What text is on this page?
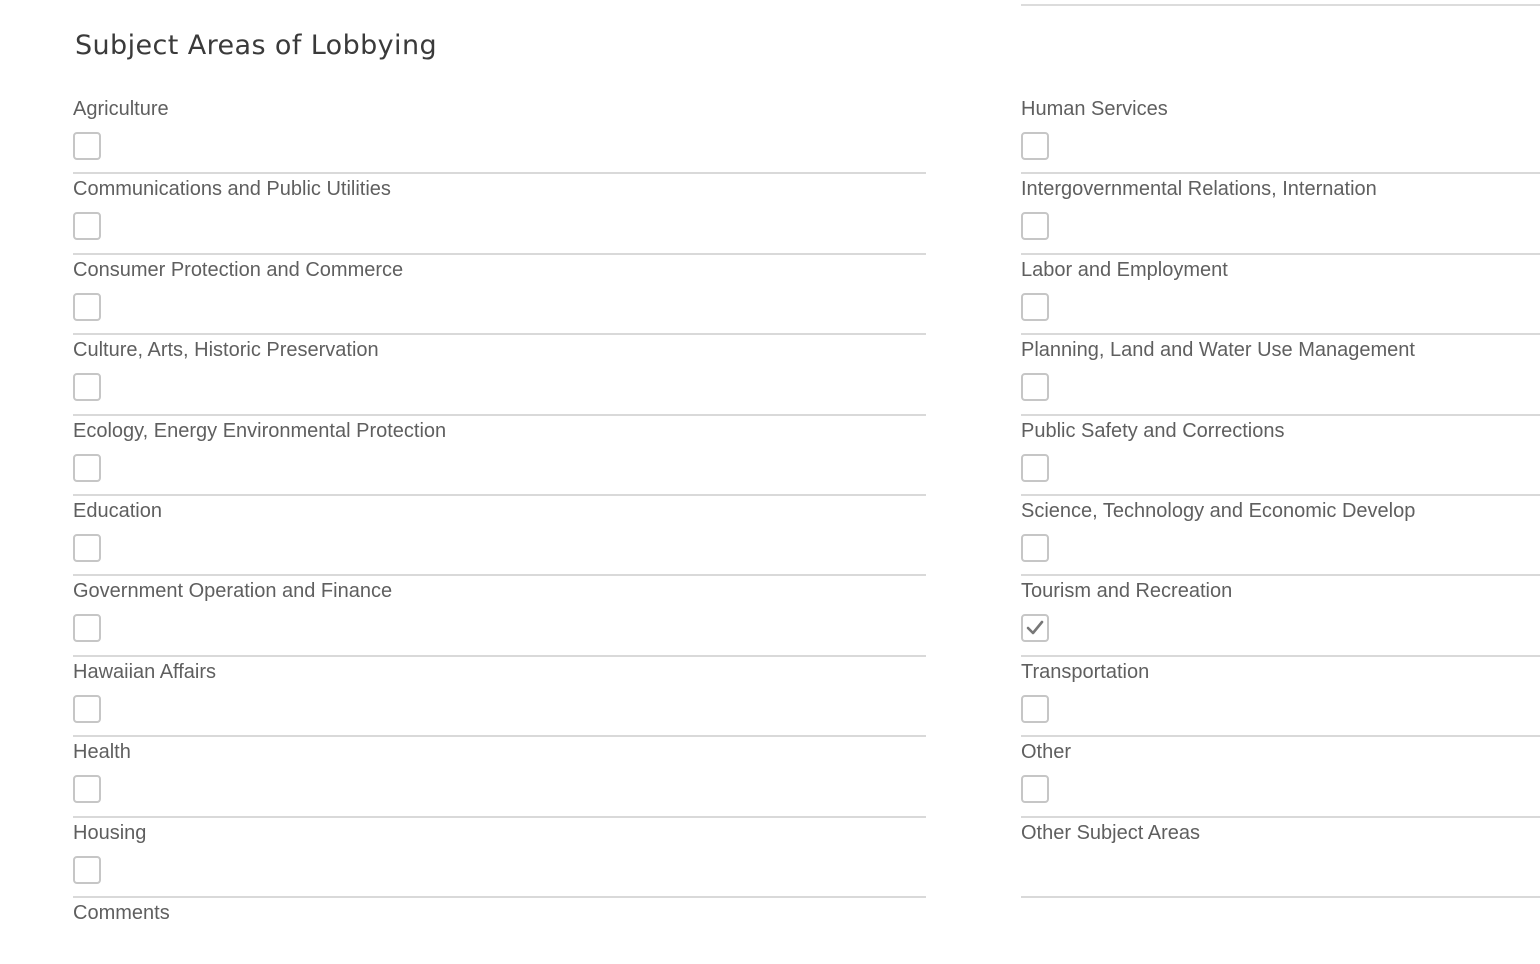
Subject Areas of Lobbying
Agriculture
Communications and Public Utilities
Consumer Protection and Commerce
Culture, Arts, Historic Preservation
Ecology, Energy Environmental Protection
Education
Government Operation and Finance
Hawaiian Affairs
Health
Housing
Comments
Human Services
Intergovernmental Relations, Internation
Labor and Employment
Planning, Land and Water Use Management
Public Safety and Corrections
Science, Technology and Economic Develop
Tourism and Recreation
Transportation
Other
Other Subject Areas
